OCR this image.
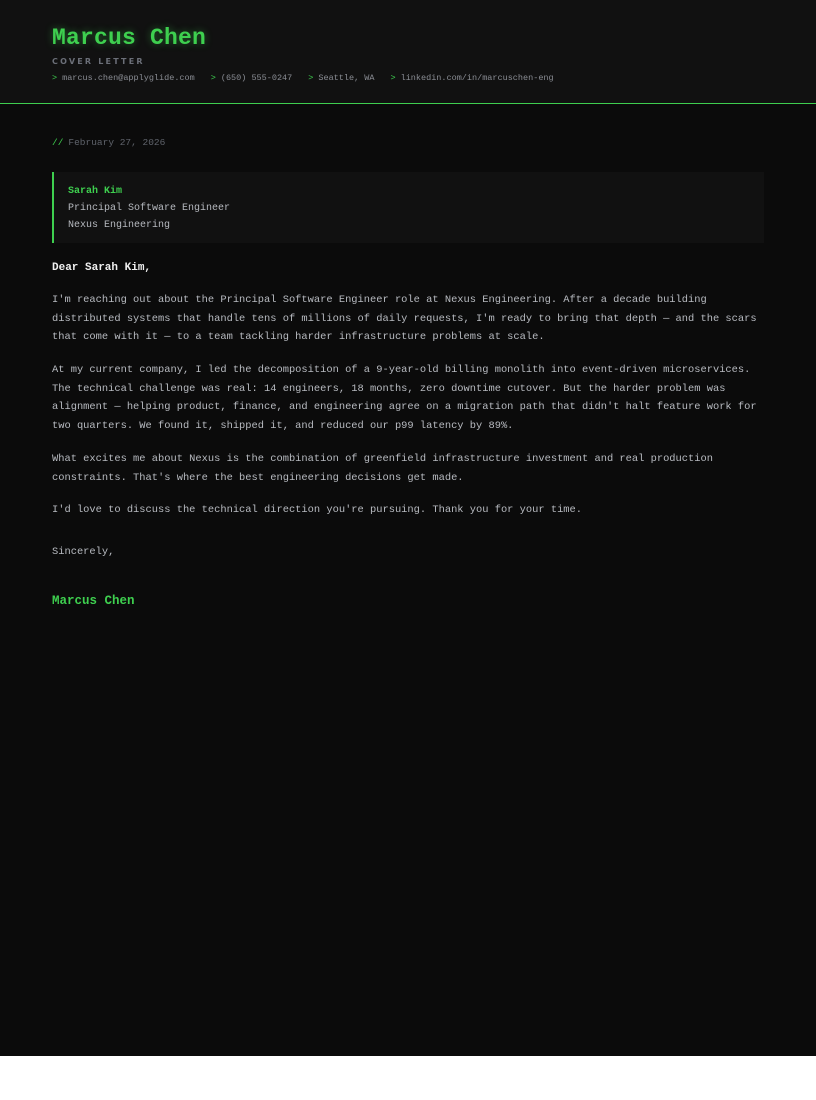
Marcus Chen
COVER LETTER
> marcus.chen@applyglide.com > (650) 555-0247 > Seattle, WA > linkedin.com/in/marcuschen-eng
// February 27, 2026
Sarah Kim
Principal Software Engineer
Nexus Engineering
Dear Sarah Kim,

I'm reaching out about the Principal Software Engineer role at Nexus Engineering. After a decade building distributed systems that handle tens of millions of daily requests, I'm ready to bring that depth — and the scars that come with it — to a team tackling harder infrastructure problems at scale.

At my current company, I led the decomposition of a 9-year-old billing monolith into event-driven microservices. The technical challenge was real: 14 engineers, 18 months, zero downtime cutover. But the harder problem was alignment — helping product, finance, and engineering agree on a migration path that didn't halt feature work for two quarters. We found it, shipped it, and reduced our p99 latency by 89%.

What excites me about Nexus is the combination of greenfield infrastructure investment and real production constraints. That's where the best engineering decisions get made.

I'd love to discuss the technical direction you're pursuing. Thank you for your time.

Sincerely,
Marcus Chen
